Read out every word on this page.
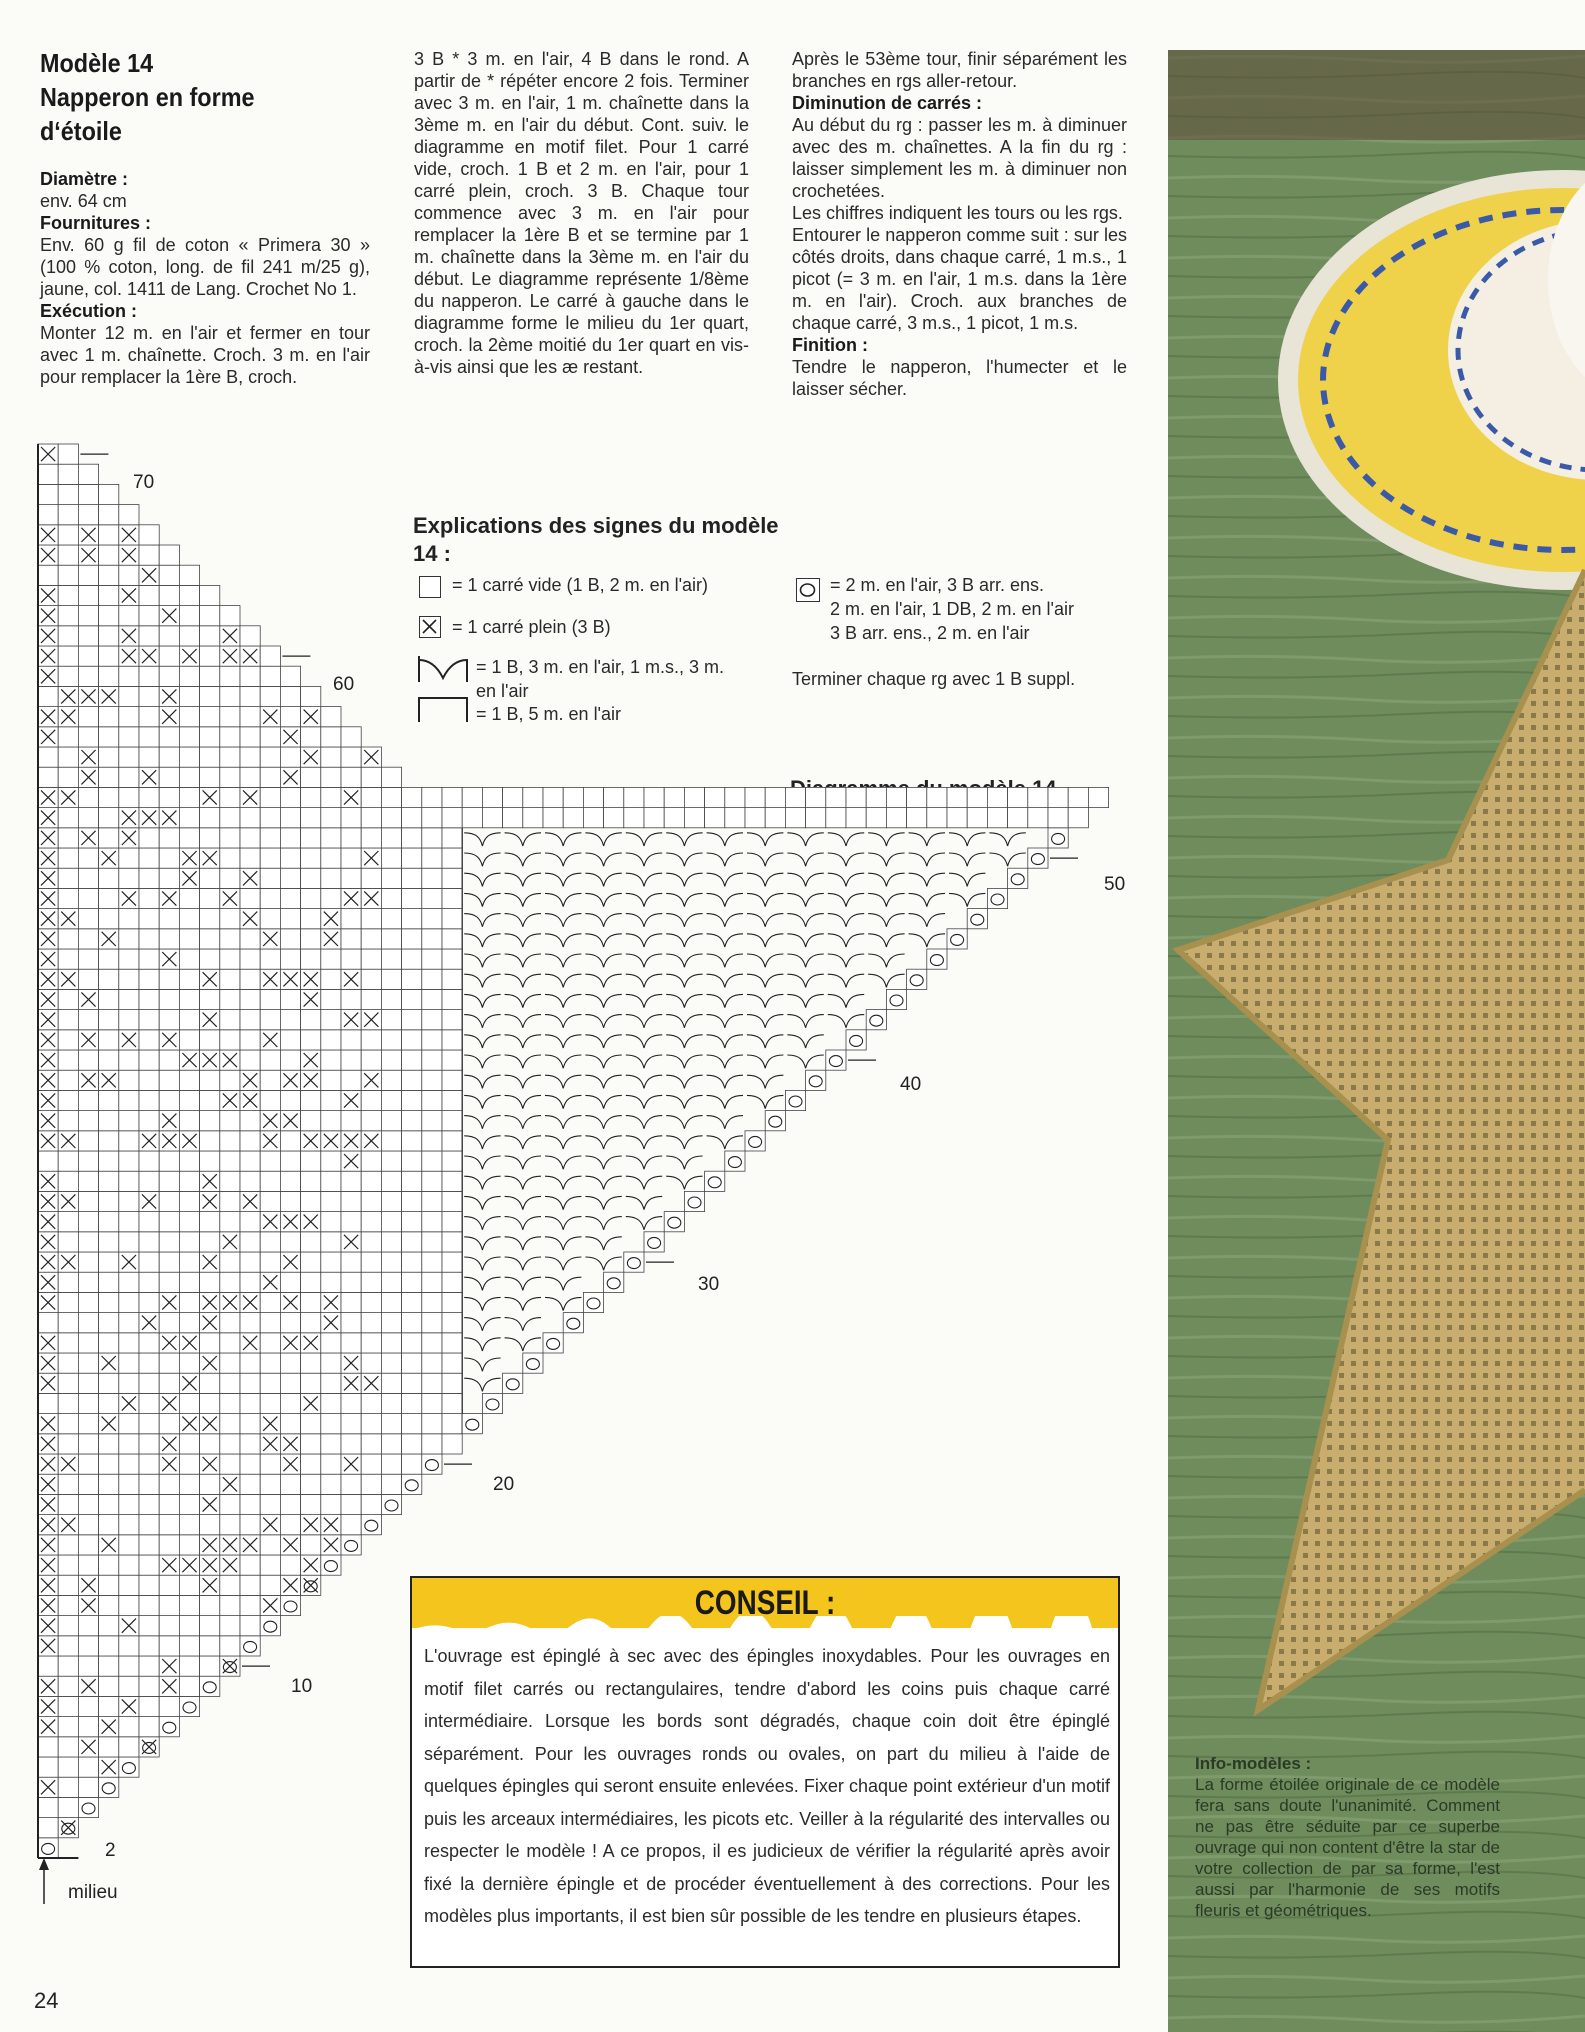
Modèle 14
Napperon en forme
d‘étoile

Diamètre :

env. 64 cm

Fournitures :

Env. 60 g fil de coton « Primera 30 » (100 % coton, long. de fil 241 m/25 g), jaune, col. 1411 de Lang. Crochet No 1.

Exécution :

Monter 12 m. en l'air et fermer en tour avec 1 m. chaînette. Croch. 3 m. en l'air pour remplacer la 1ère B, croch.

3 B * 3 m. en l'air, 4 B dans le rond. A partir de * répéter encore 2 fois. Terminer avec 3 m. en l'air, 1 m. chaînette dans la 3ème m. en l'air du début. Cont. suiv. le diagramme en motif filet. Pour 1 carré vide, croch. 1 B et 2 m. en l'air, pour 1 carré plein, croch. 3 B. Chaque tour commence avec 3 m. en l'air pour remplacer la 1ère B et se termine par 1 m. chaînette dans la 3ème m. en l'air du début. Le diagramme représente 1/8ème du napperon. Le carré à gauche dans le diagramme forme le milieu du 1er quart, croch. la 2ème moitié du 1er quart en vis-à-vis ainsi que les æ restant.

Après le 53ème tour, finir séparément les branches en rgs aller-retour.

Diminution de carrés :

Au début du rg : passer les m. à diminuer avec des m. chaînettes. A la fin du rg : laisser simplement les m. à diminuer non crochetées.

Les chiffres indiquent les tours ou les rgs.

Entourer le napperon comme suit : sur les côtés droits, dans chaque carré, 1 m.s., 1 picot (= 3 m. en l'air, 1 m.s. dans la 1ère m. en l'air). Croch. aux branches de chaque carré, 3 m.s., 1 picot, 1 m.s.

Finition :

Tendre le napperon, l'humecter et le laisser sécher.

Explications des signes du modèle 14 :
= 1 carré vide (1 B, 2 m. en l'air)
= 1 carré plein (3 B)
= 1 B, 3 m. en l'air, 1 m.s., 3 m.
en l'air
= 1 B, 5 m. en l'air
= 2 m. en l'air, 3 B arr. ens.
2 m. en l'air, 1 DB, 2 m. en l'air
3 B arr. ens., 2 m. en l'air
Terminer chaque rg avec 1 B suppl.
70
60
50
40
30
20
10
2
milieu
CONSEIL :
L'ouvrage est épinglé à sec avec des épingles inoxydables. Pour les ouvrages en motif filet carrés ou rectangulaires, tendre d'abord les coins puis chaque carré intermédiaire. Lorsque les bords sont dégradés, chaque coin doit être épinglé séparément. Pour les ouvrages ronds ou ovales, on part du milieu à l'aide de quelques épingles qui seront ensuite enlevées. Fixer chaque point extérieur d'un motif puis les arceaux intermédiaires, les picots etc. Veiller à la régularité des intervalles ou respecter le modèle ! A ce propos, il es judicieux de vérifier la régularité après avoir fixé la dernière épingle et de procéder éventuellement à des corrections. Pour les modèles plus importants, il est bien sûr possible de les tendre en plusieurs étapes.
Info-modèles :
La forme étoilée originale de ce modèle fera sans doute l'unanimité. Comment ne pas être séduite par ce superbe ouvrage qui non content d'être la star de votre collection de par sa forme, l'est aussi par l'harmonie de ses motifs fleuris et géométriques.
24
